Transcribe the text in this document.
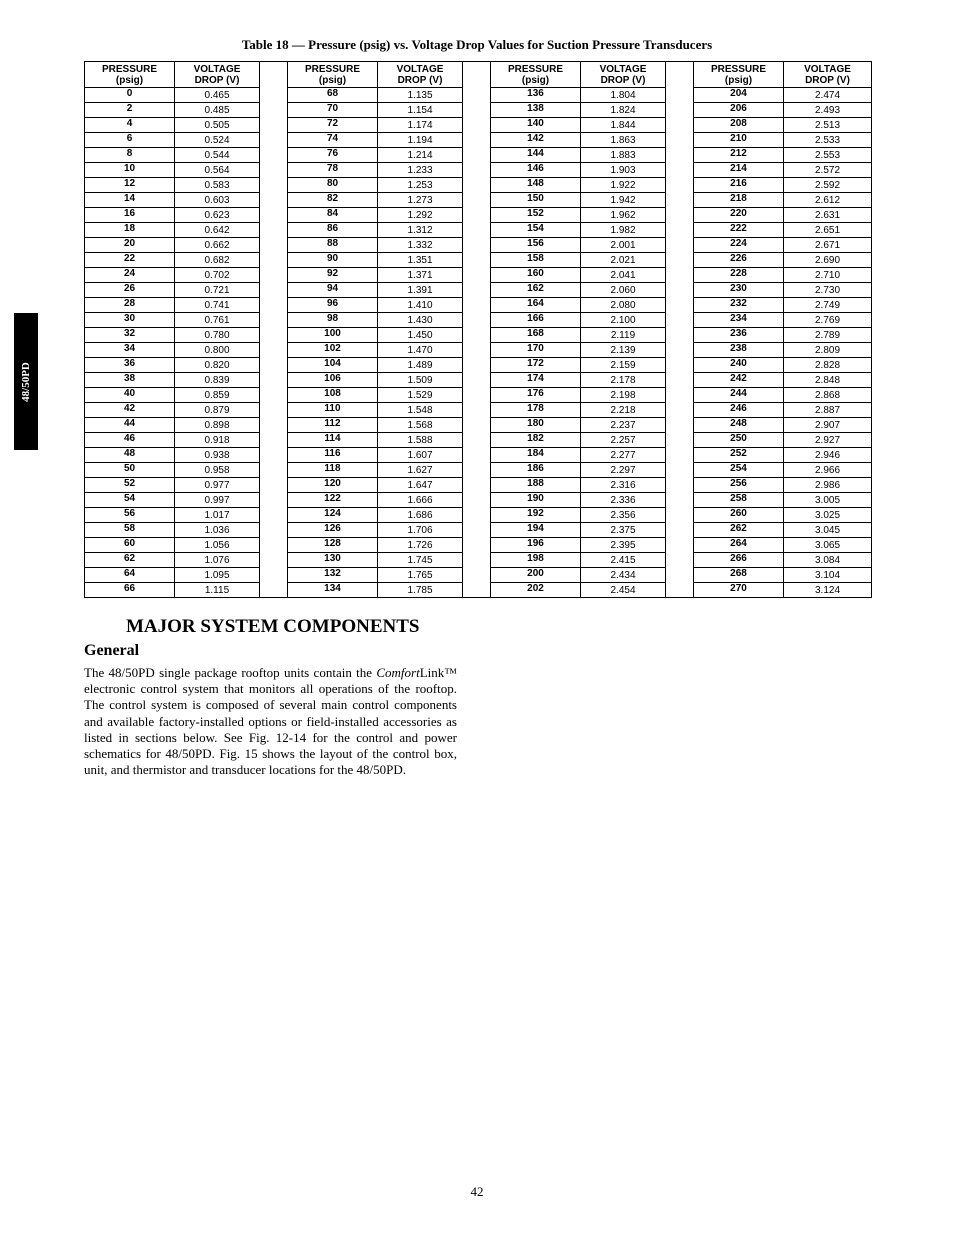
48/50PD
Table 18 — Pressure (psig) vs. Voltage Drop Values for Suction Pressure Transducers
PRESSURE
(psig)	VOLTAGE
DROP (V)		PRESSURE
(psig)	VOLTAGE
DROP (V)		PRESSURE
(psig)	VOLTAGE
DROP (V)		PRESSURE
(psig)	VOLTAGE
DROP (V)
0	0.465		68	1.135		136	1.804		204	2.474
2	0.485		70	1.154		138	1.824		206	2.493
4	0.505		72	1.174		140	1.844		208	2.513
6	0.524		74	1.194		142	1.863		210	2.533
8	0.544		76	1.214		144	1.883		212	2.553
10	0.564		78	1.233		146	1.903		214	2.572
12	0.583		80	1.253		148	1.922		216	2.592
14	0.603		82	1.273		150	1.942		218	2.612
16	0.623		84	1.292		152	1.962		220	2.631
18	0.642		86	1.312		154	1.982		222	2.651
20	0.662		88	1.332		156	2.001		224	2.671
22	0.682		90	1.351		158	2.021		226	2.690
24	0.702		92	1.371		160	2.041		228	2.710
26	0.721		94	1.391		162	2.060		230	2.730
28	0.741		96	1.410		164	2.080		232	2.749
30	0.761		98	1.430		166	2.100		234	2.769
32	0.780		100	1.450		168	2.119		236	2.789
34	0.800		102	1.470		170	2.139		238	2.809
36	0.820		104	1.489		172	2.159		240	2.828
38	0.839		106	1.509		174	2.178		242	2.848
40	0.859		108	1.529		176	2.198		244	2.868
42	0.879		110	1.548		178	2.218		246	2.887
44	0.898		112	1.568		180	2.237		248	2.907
46	0.918		114	1.588		182	2.257		250	2.927
48	0.938		116	1.607		184	2.277		252	2.946
50	0.958		118	1.627		186	2.297		254	2.966
52	0.977		120	1.647		188	2.316		256	2.986
54	0.997		122	1.666		190	2.336		258	3.005
56	1.017		124	1.686		192	2.356		260	3.025
58	1.036		126	1.706		194	2.375		262	3.045
60	1.056		128	1.726		196	2.395		264	3.065
62	1.076		130	1.745		198	2.415		266	3.084
64	1.095		132	1.765		200	2.434		268	3.104
66	1.115		134	1.785		202	2.454		270	3.124
MAJOR SYSTEM COMPONENTS
General

The 48/50PD single package rooftop units contain the ComfortLink™ electronic control system that monitors all operations of the rooftop. The control system is composed of several main control components and available factory-installed options or field-installed accessories as listed in sections below. See Fig. 12-14 for the control and power schematics for 48/50PD. Fig. 15 shows the layout of the control box, unit, and thermistor and transducer locations for the 48/50PD.

42
